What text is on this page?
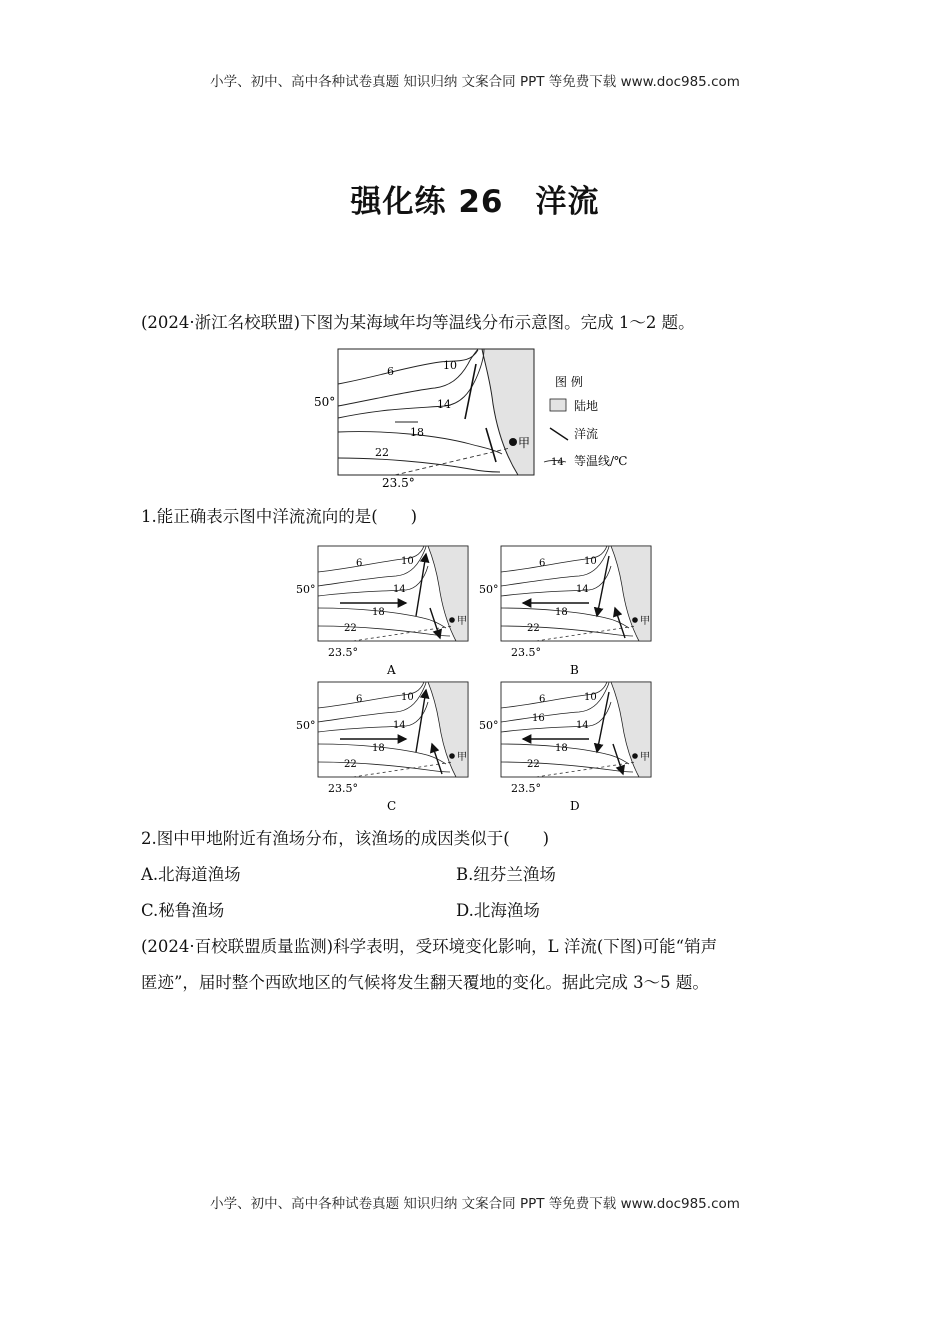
小学、初中、高中各种试卷真题 知识归纳 文案合同 PPT 等免费下载 www.doc985.com
强化练 26　洋流
(2024·浙江名校联盟)下图为某海域年均等温线分布示意图。完成 1～2 题。
甲
6	10
14
18
22
50°
23.5°
图 例
陆地
洋流
14 等温线/℃
1.能正确表示图中洋流流向的是(　　)
6	10
14
18
22
50°
23.5°
甲
A
6	10
14
18
22
50°
23.5°
甲
B
6	10
14
18
22
50°
23.5°
甲
C
6
16
10
14
18
22
50°
23.5°
甲
D
2.图中甲地附近有渔场分布，该渔场的成因类似于(　　)
A.北海道渔场	B.纽芬兰渔场
C.秘鲁渔场	D.北海渔场
(2024·百校联盟质量监测)科学表明，受环境变化影响，L 洋流(下图)可能“销声
匿迹”，届时整个西欧地区的气候将发生翻天覆地的变化。据此完成 3～5 题。
小学、初中、高中各种试卷真题 知识归纳 文案合同 PPT 等免费下载 www.doc985.com
